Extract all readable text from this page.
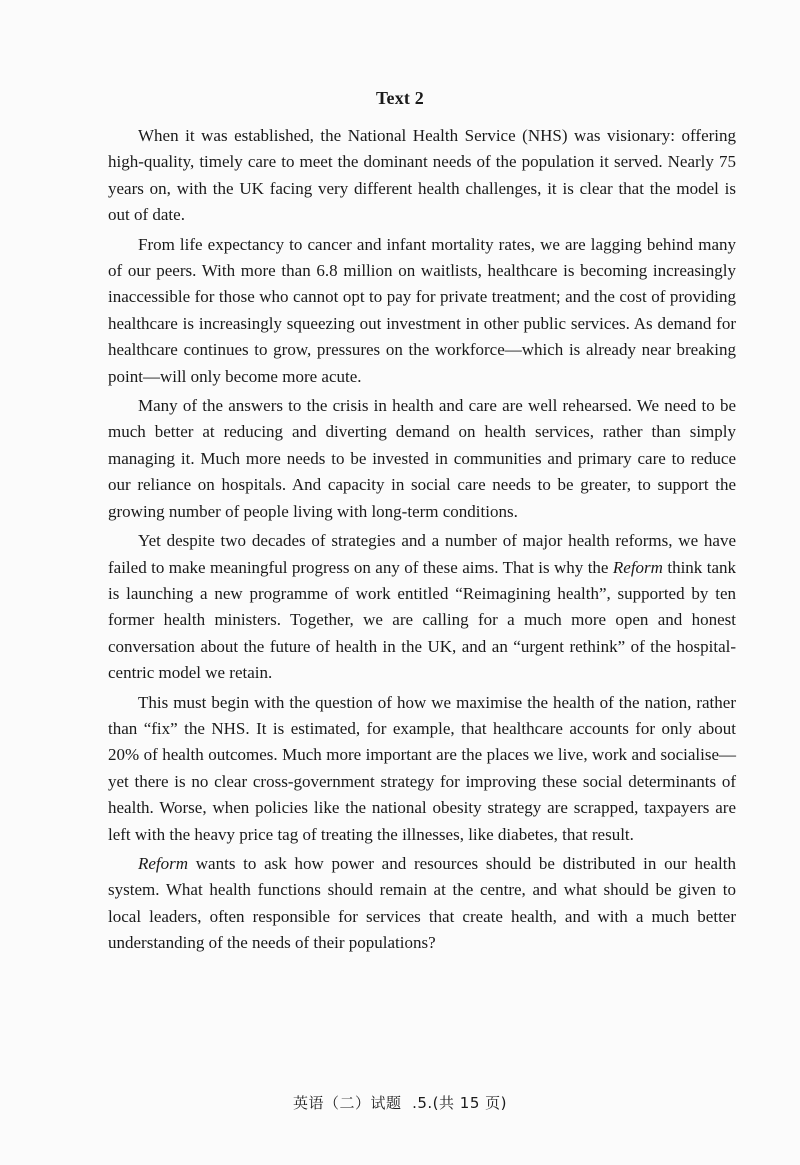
Text 2

When it was established, the National Health Service (NHS) was visionary: offering high-quality, timely care to meet the dominant needs of the population it served. Nearly 75 years on, with the UK facing very different health challenges, it is clear that the model is out of date.

From life expectancy to cancer and infant mortality rates, we are lagging behind many of our peers. With more than 6.8 million on waitlists, healthcare is becoming increasingly inaccessible for those who cannot opt to pay for private treatment; and the cost of providing healthcare is increasingly squeezing out investment in other public services. As demand for healthcare continues to grow, pressures on the workforce—which is already near breaking point—will only become more acute.

Many of the answers to the crisis in health and care are well rehearsed. We need to be much better at reducing and diverting demand on health services, rather than simply managing it. Much more needs to be invested in communities and primary care to reduce our reliance on hospitals. And capacity in social care needs to be greater, to support the growing number of people living with long-term conditions.

Yet despite two decades of strategies and a number of major health reforms, we have failed to make meaningful progress on any of these aims. That is why the Reform think tank is launching a new programme of work entitled “Reimagining health”, supported by ten former health ministers. Together, we are calling for a much more open and honest conversation about the future of health in the UK, and an “urgent rethink” of the hospital-centric model we retain.

This must begin with the question of how we maximise the health of the nation, rather than “fix” the NHS. It is estimated, for example, that healthcare accounts for only about 20% of health outcomes. Much more important are the places we live, work and socialise—yet there is no clear cross-government strategy for improving these social determinants of health. Worse, when policies like the national obesity strategy are scrapped, taxpayers are left with the heavy price tag of treating the illnesses, like diabetes, that result.

Reform wants to ask how power and resources should be distributed in our health system. What health functions should remain at the centre, and what should be given to local leaders, often responsible for services that create health, and with a much better understanding of the needs of their populations?

英语（二）试题 .5.(共 15 页)
